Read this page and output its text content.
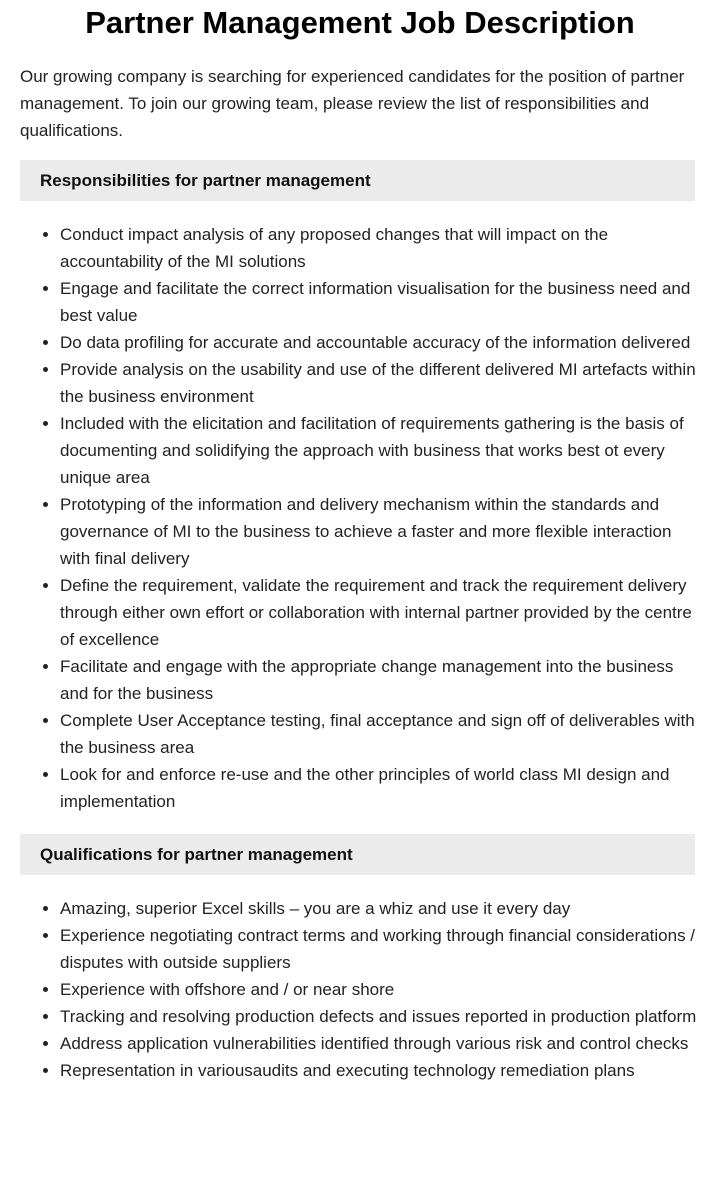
Partner Management Job Description

Our growing company is searching for experienced candidates for the position of partner management. To join our growing team, please review the list of responsibilities and qualifications.

Responsibilities for partner management
• Conduct impact analysis of any proposed changes that will impact on the accountability of the MI solutions
• Engage and facilitate the correct information visualisation for the business need and best value
• Do data profiling for accurate and accountable accuracy of the information delivered
• Provide analysis on the usability and use of the different delivered MI artefacts within the business environment
• Included with the elicitation and facilitation of requirements gathering is the basis of documenting and solidifying the approach with business that works best ot every unique area
• Prototyping of the information and delivery mechanism within the standards and governance of MI to the business to achieve a faster and more flexible interaction with final delivery
• Define the requirement, validate the requirement and track the requirement delivery through either own effort or collaboration with internal partner provided by the centre of excellence
• Facilitate and engage with the appropriate change management into the business and for the business
• Complete User Acceptance testing, final acceptance and sign off of deliverables with the business area
• Look for and enforce re-use and the other principles of world class MI design and implementation
Qualifications for partner management
• Amazing, superior Excel skills – you are a whiz and use it every day
• Experience negotiating contract terms and working through financial considerations / disputes with outside suppliers
• Experience with offshore and / or near shore
• Tracking and resolving production defects and issues reported in production platform
• Address application vulnerabilities identified through various risk and control checks
• Representation in variousaudits and executing technology remediation plans
